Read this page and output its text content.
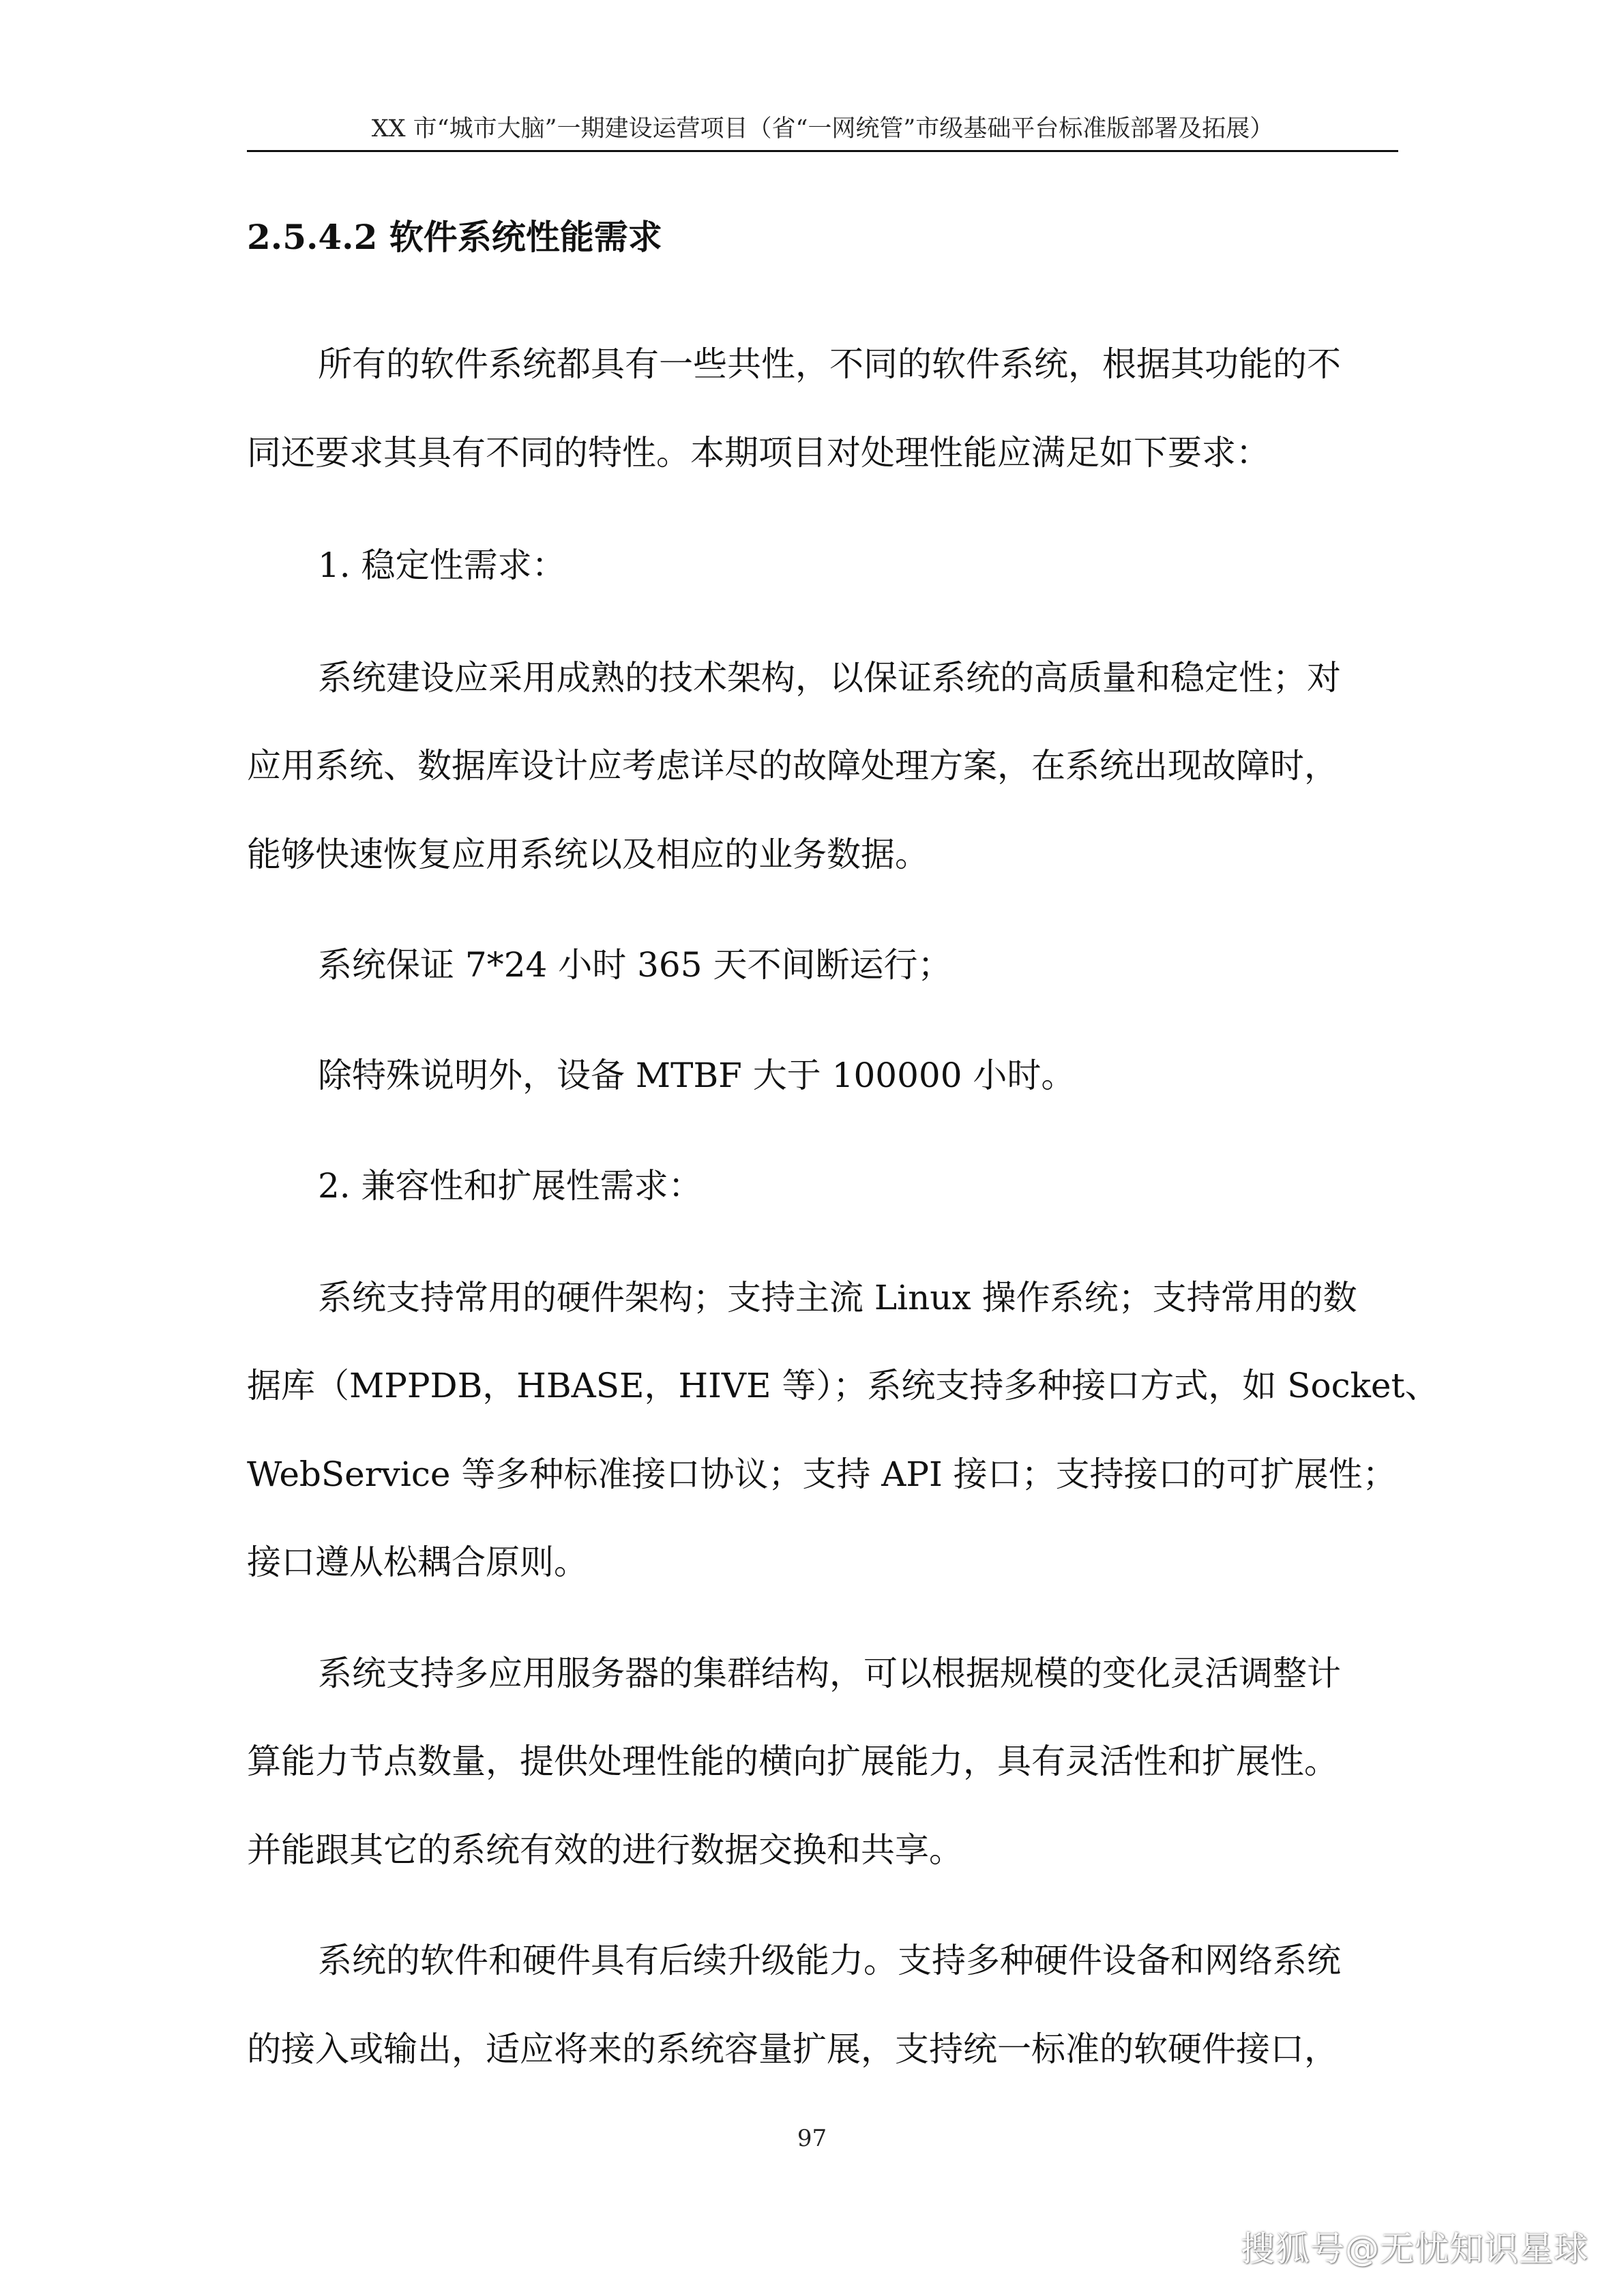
XX 市“城市大脑”一期建设运营项目（省“一网统管”市级基础平台标准版部署及拓展）
2.5.4.2 软件系统性能需求
所有的软件系统都具有一些共性，不同的软件系统，根据其功能的不
同还要求其具有不同的特性。本期项目对处理性能应满足如下要求：
1. 稳定性需求：
系统建设应采用成熟的技术架构，以保证系统的高质量和稳定性；对
应用系统、数据库设计应考虑详尽的故障处理方案，在系统出现故障时，
能够快速恢复应用系统以及相应的业务数据。
系统保证 7*24 小时 365 天不间断运行；
除特殊说明外，设备 MTBF 大于 100000 小时。
2. 兼容性和扩展性需求：
系统支持常用的硬件架构；支持主流 Linux 操作系统；支持常用的数
据库（MPPDB，HBASE，HIVE 等）；系统支持多种接口方式，如 Socket、
WebService 等多种标准接口协议；支持 API 接口；支持接口的可扩展性；
接口遵从松耦合原则。
系统支持多应用服务器的集群结构，可以根据规模的变化灵活调整计
算能力节点数量，提供处理性能的横向扩展能力，具有灵活性和扩展性。
并能跟其它的系统有效的进行数据交换和共享。
系统的软件和硬件具有后续升级能力。支持多种硬件设备和网络系统
的接入或输出，适应将来的系统容量扩展，支持统一标准的软硬件接口，
97
搜狐号@无忧知识星球
